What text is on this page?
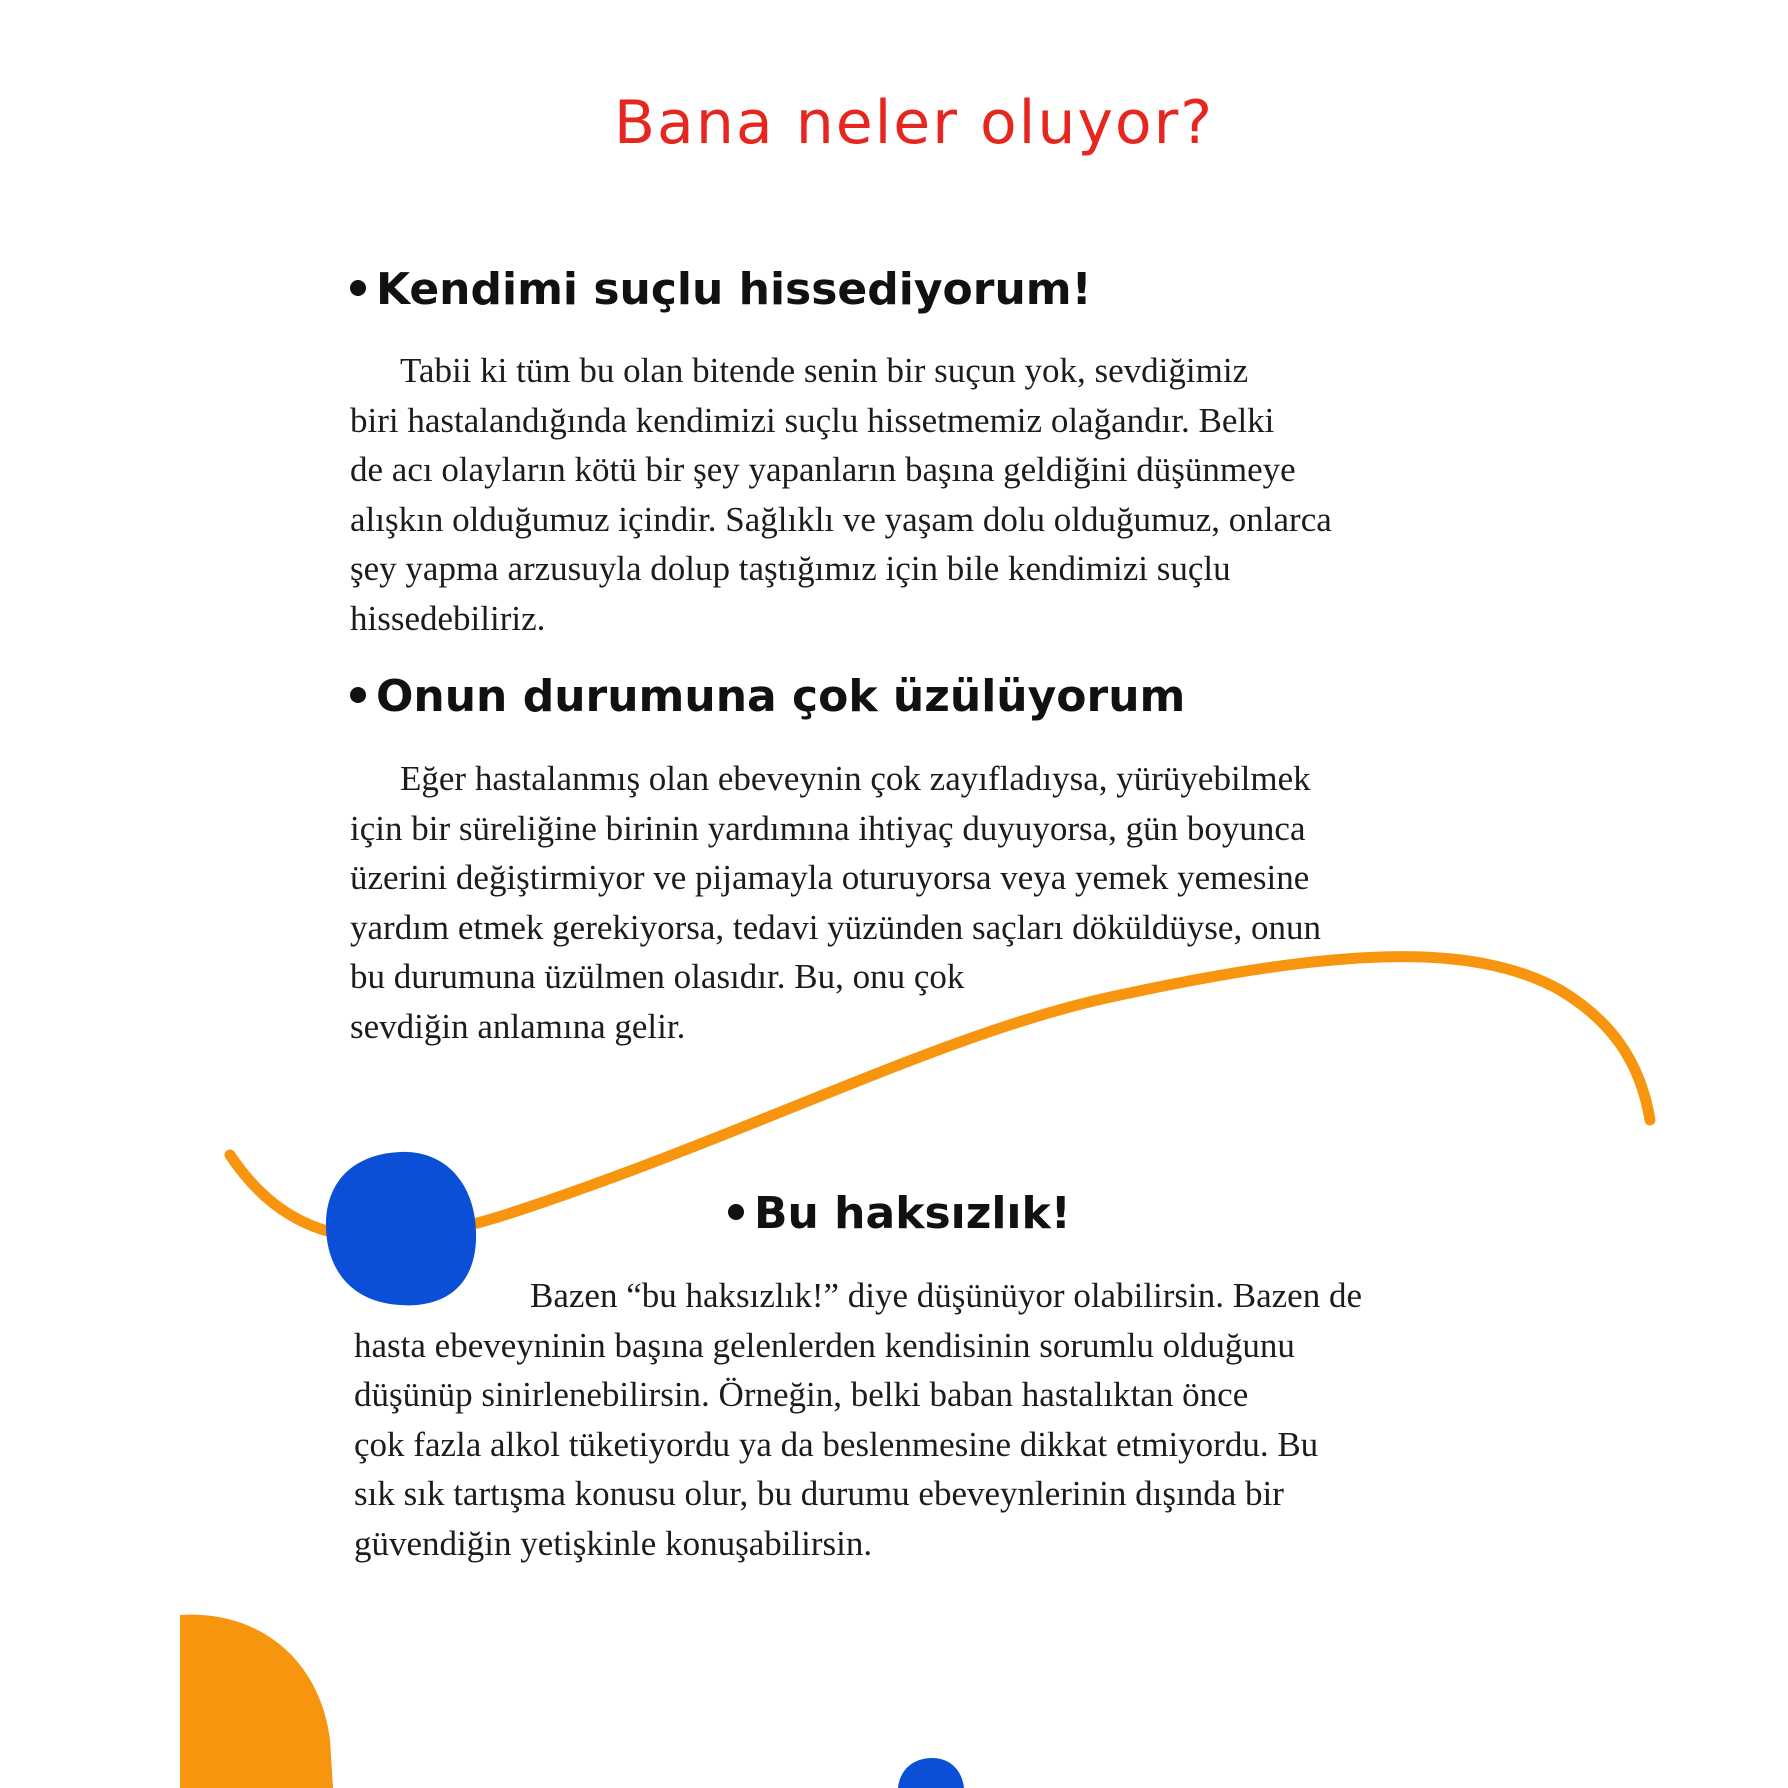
Bana neler oluyor?
Kendimi suçlu hissediyorum!
Tabii ki tüm bu olan bitende senin bir suçun yok, sevdiğimiz
biri hastalandığında kendimizi suçlu hissetmemiz olağandır. Belki
de acı olayların kötü bir şey yapanların başına geldiğini düşünmeye
alışkın olduğumuz içindir. Sağlıklı ve yaşam dolu olduğumuz, onlarca
şey yapma arzusuyla dolup taştığımız için bile kendimizi suçlu
hissedebiliriz.
Onun durumuna çok üzülüyorum
Eğer hastalanmış olan ebeveynin çok zayıfladıysa, yürüyebilmek
için bir süreliğine birinin yardımına ihtiyaç duyuyorsa, gün boyunca
üzerini değiştirmiyor ve pijamayla oturuyorsa veya yemek yemesine
yardım etmek gerekiyorsa, tedavi yüzünden saçları döküldüyse, onun
bu durumuna üzülmen olasıdır. Bu, onu çok
sevdiğin anlamına gelir.
Bu haksızlık!
Bazen “bu haksızlık!” diye düşünüyor olabilirsin. Bazen de
hasta ebeveyninin başına gelenlerden kendisinin sorumlu olduğunu
düşünüp sinirlenebilirsin. Örneğin, belki baban hastalıktan önce
çok fazla alkol tüketiyordu ya da beslenmesine dikkat etmiyordu. Bu
sık sık tartışma konusu olur, bu durumu ebeveynlerinin dışında bir
güvendiğin yetişkinle konuşabilirsin.
